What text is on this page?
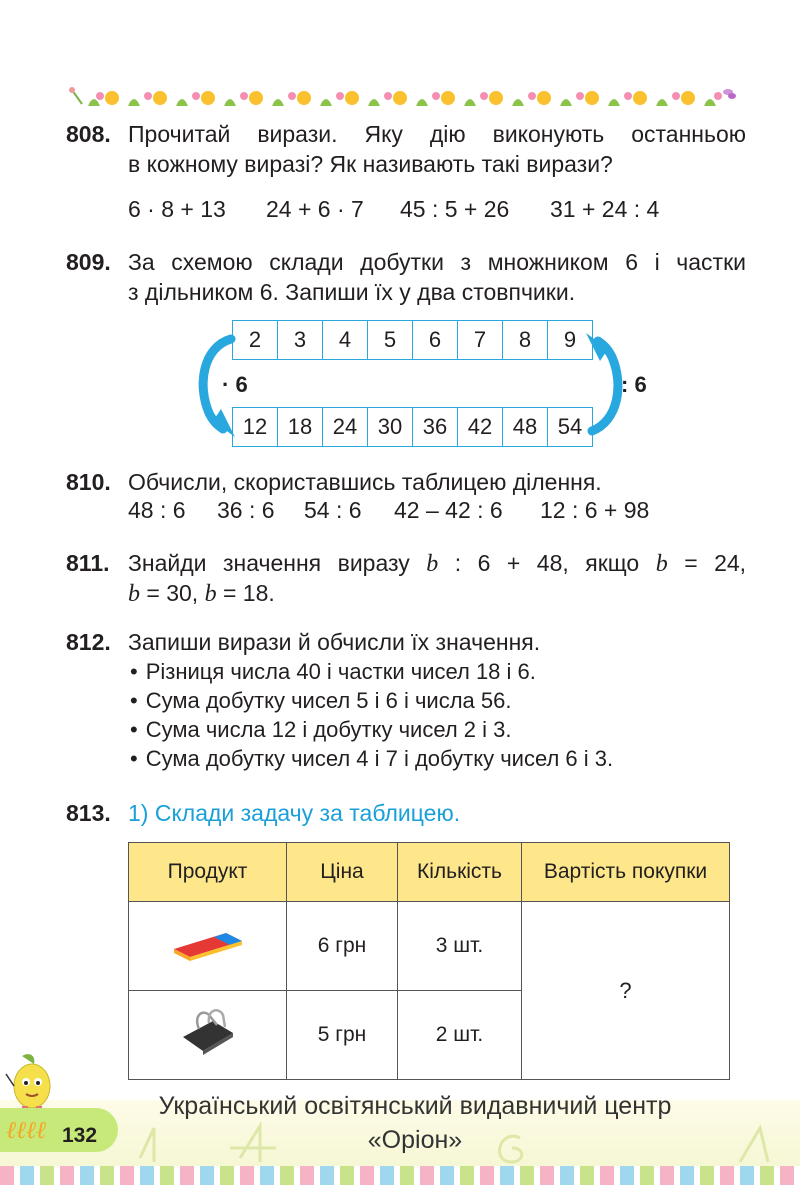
808. Прочитай вирази. Яку дію виконують останньою
в кожному виразі? Як називають такі вирази?
6 · 8 + 13 24 + 6 · 7 45 : 5 + 26 31 + 24 : 4
809. За схемою склади добутки з множником 6 і частки
з дільником 6. Запиши їх у два стовпчики.
2	3	4	5	6	7	8	9
12	18	24	30	36	42	48	54
· 6	: 6
810. Обчисли, скориставшись таблицею ділення.
48 : 6 36 : 6 54 : 6 42 – 42 : 6 12 : 6 + 98
811. Знайди значення виразу b : 6 + 48, якщо b = 24,
b = 30, b = 18.
812. Запиши вирази й обчисли їх значення.
• Різниця числа 40 і частки чисел 18 і 6.
• Сума добутку чисел 5 і 6 і числа 56.
• Сума числа 12 і добутку чисел 2 і 3.
• Сума добутку чисел 4 і 7 і добутку чисел 6 і 3.
813. 1) Склади задачу за таблицею.
Продукт	Ціна	Кількість	Вартість покупки
	6 грн	3 шт.	?
	5 грн	2 шт.	
ℓℓℓℓ 132
Український освітянський видавничий центр
«Оріон»
